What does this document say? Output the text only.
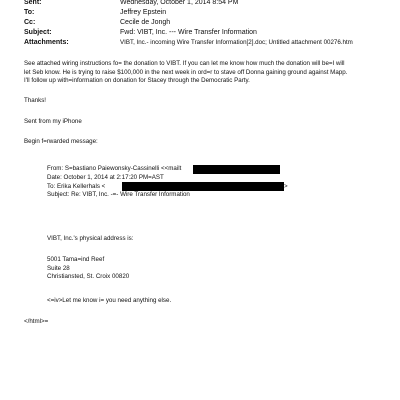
Sent:	Wednesday, October 1, 2014 8:54 PM
To:	Jeffrey Epstein
Cc:	Cecile de Jongh
Subject:	Fwd: VIBT, Inc. --- Wire Transfer Information
Attachments:	VIBT, Inc.- incoming Wire Transfer Information[2].doc; Untitled attachment 00276.htm
See attached wiring instructions fo= the donation to VIBT. If you can let me know how much the donation will be=I will
let Seb know. He is trying to raise $100,000 in the next week in ord=r to stave off Donna gaining ground against Mapp.
I'll follow up with=information on donation for Stacey through the Democratic Party.
Thanks!
Sent from my iPhone
Begin f=rwarded message:
From: S=bastiano Paiewonsky-Cassinelli <<mailt
Date: October 1, 2014 at 2:17:20 PM=AST
To: Erika Kellerhals <	>
Subject: Re: VIBT, Inc. -=- Wire Transfer Information
VIBT, Inc.'s physical address is:
5001 Tama=ind Reef
Suite 28
Christiansted, St. Croix 00820
<=iv>Let me know i= you need anything else.
</html>=
